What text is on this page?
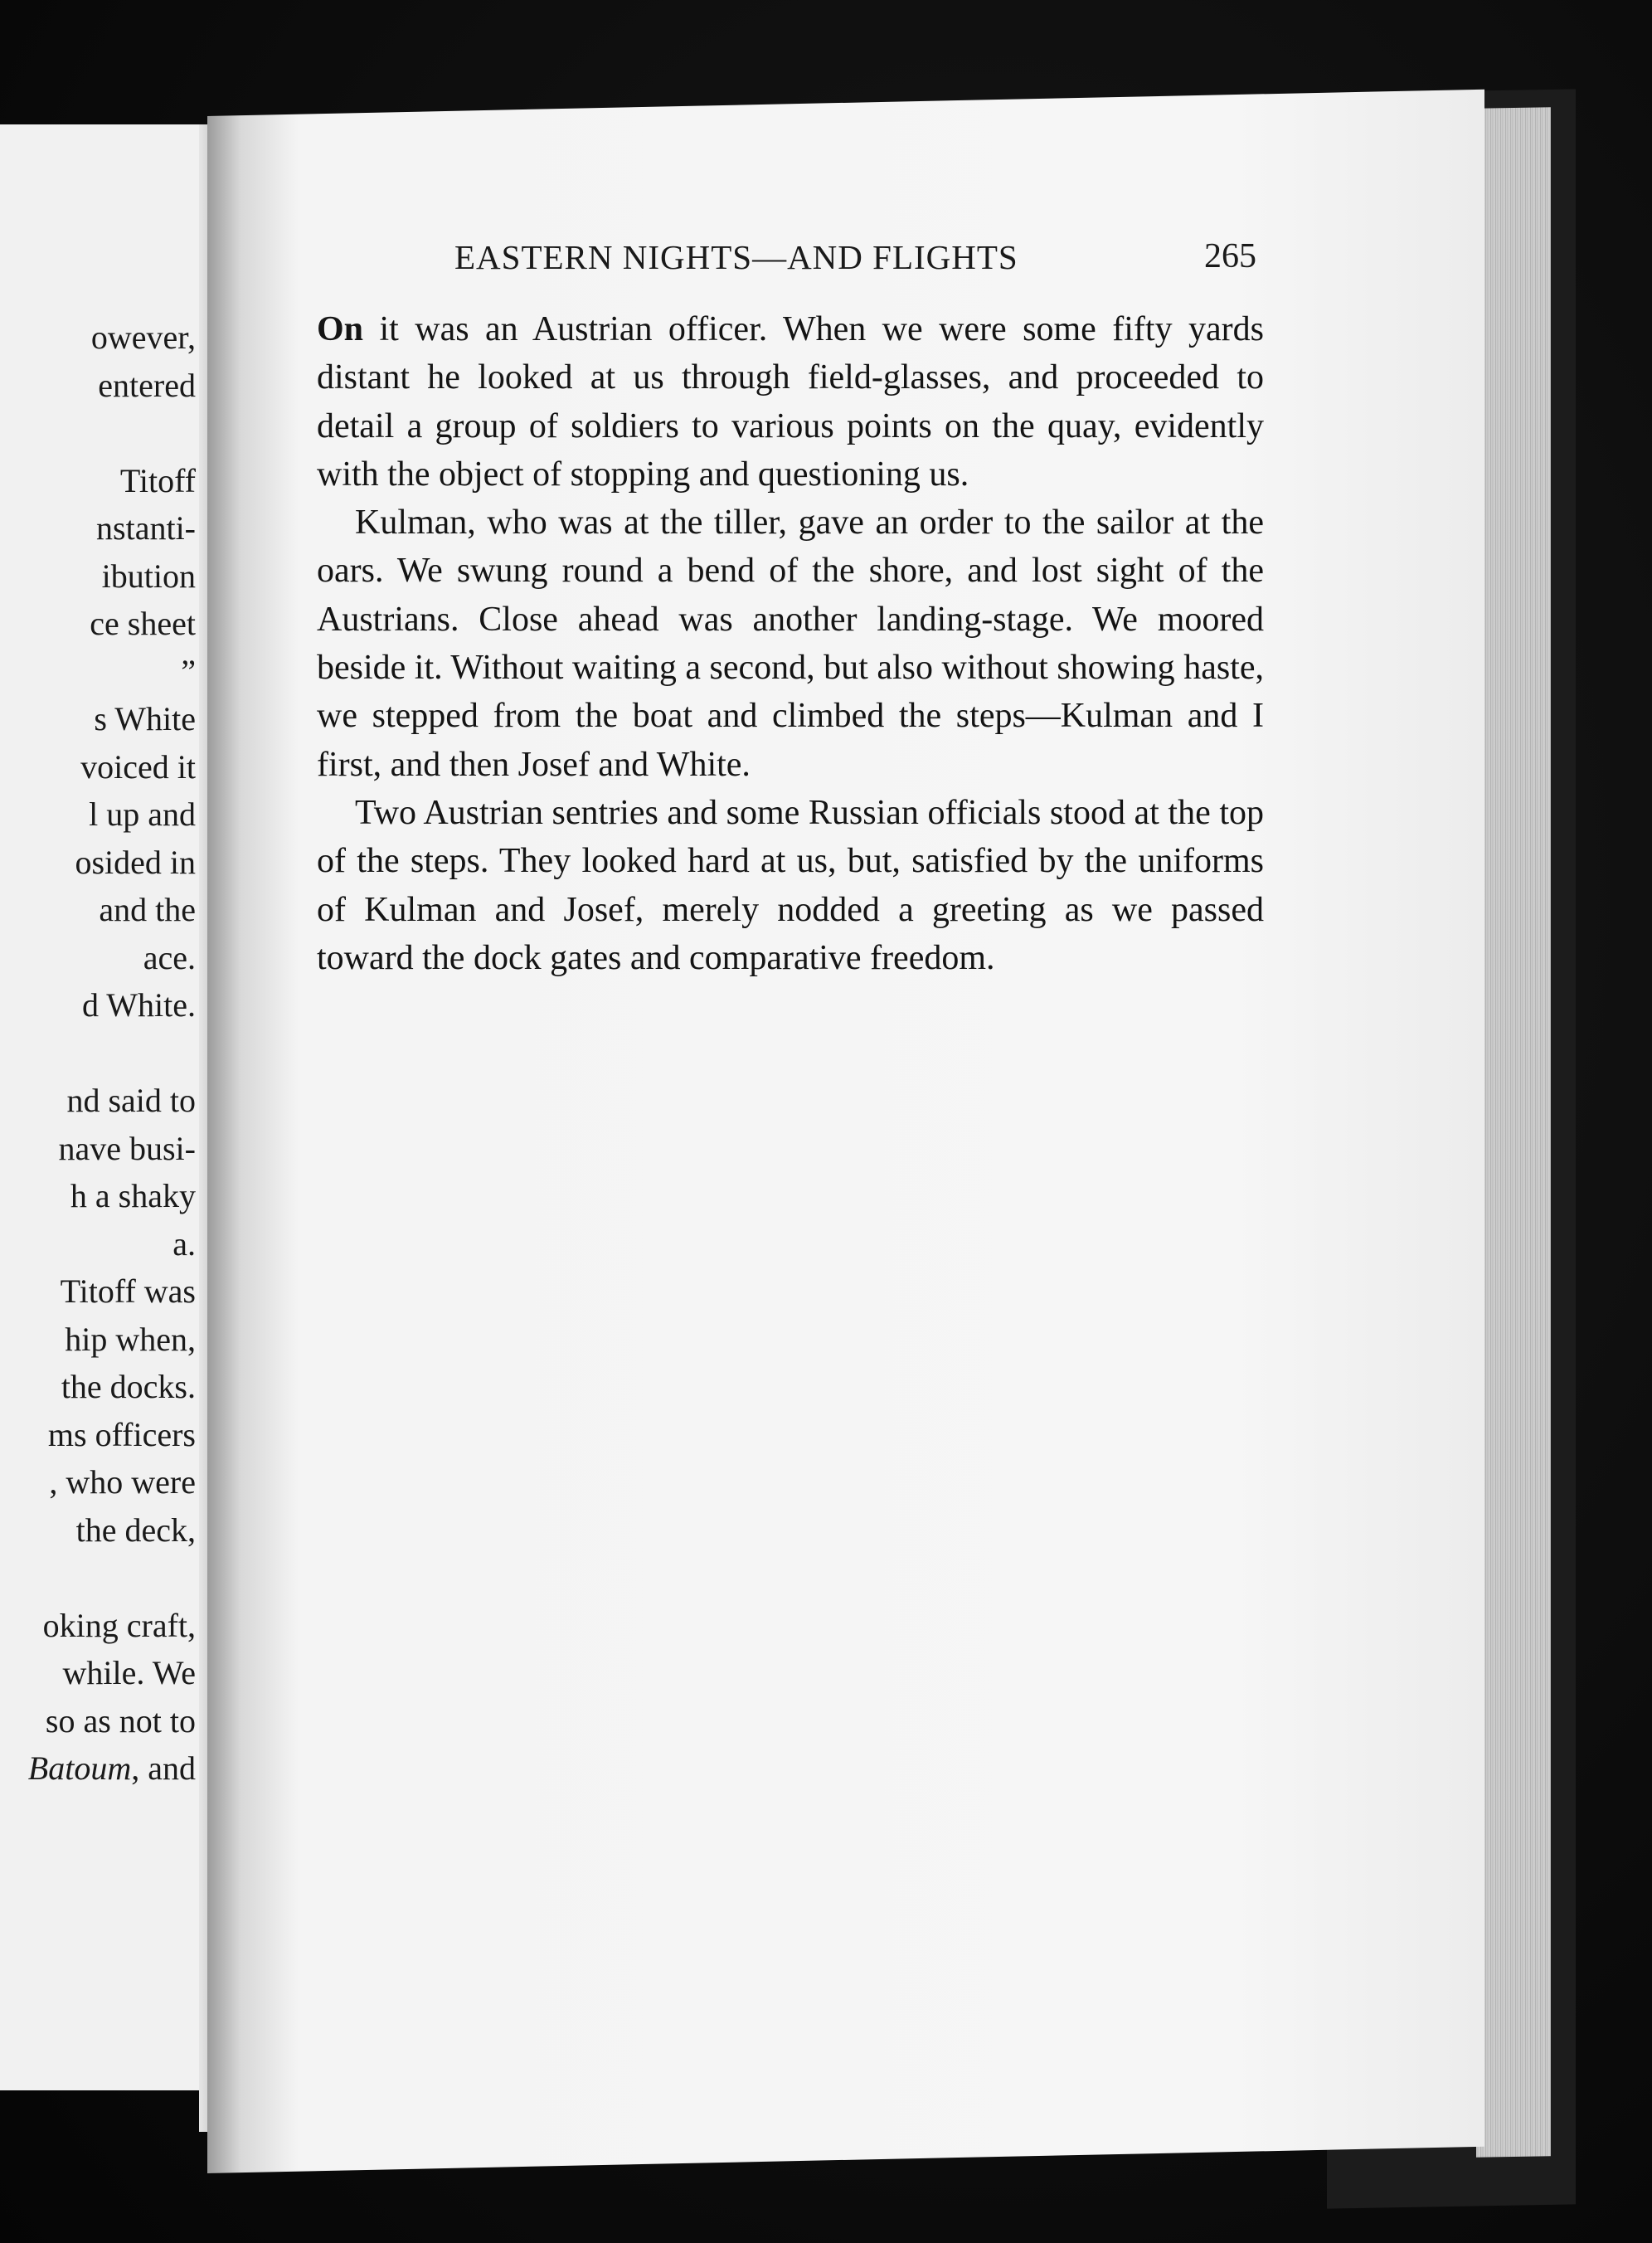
owever,
entered
Titoff
nstanti-
ibution
ce sheet
”
s White
voiced it
l up and
osided in
and the
ace.
d White.
nd said to
nave busi-
h a shaky
a.
Titoff was
hip when,
the docks.
ms officers
, who were
the deck,
oking craft,
while. We
so as not to
Batoum, and
EASTERN NIGHTS—AND FLIGHTS	265

On it was an Austrian officer. When we were some fifty yards distant he looked at us through field-glasses, and proceeded to detail a group of soldiers to various points on the quay, evidently with the object of stopping and questioning us.

Kulman, who was at the tiller, gave an order to the sailor at the oars. We swung round a bend of the shore, and lost sight of the Austrians. Close ahead was another landing-stage. We moored beside it. Without waiting a second, but also without showing haste, we stepped from the boat and climbed the steps—Kulman and I first, and then Josef and White.

Two Austrian sentries and some Russian officials stood at the top of the steps. They looked hard at us, but, satisfied by the uniforms of Kulman and Josef, merely nodded a greeting as we passed toward the dock gates and comparative freedom.
